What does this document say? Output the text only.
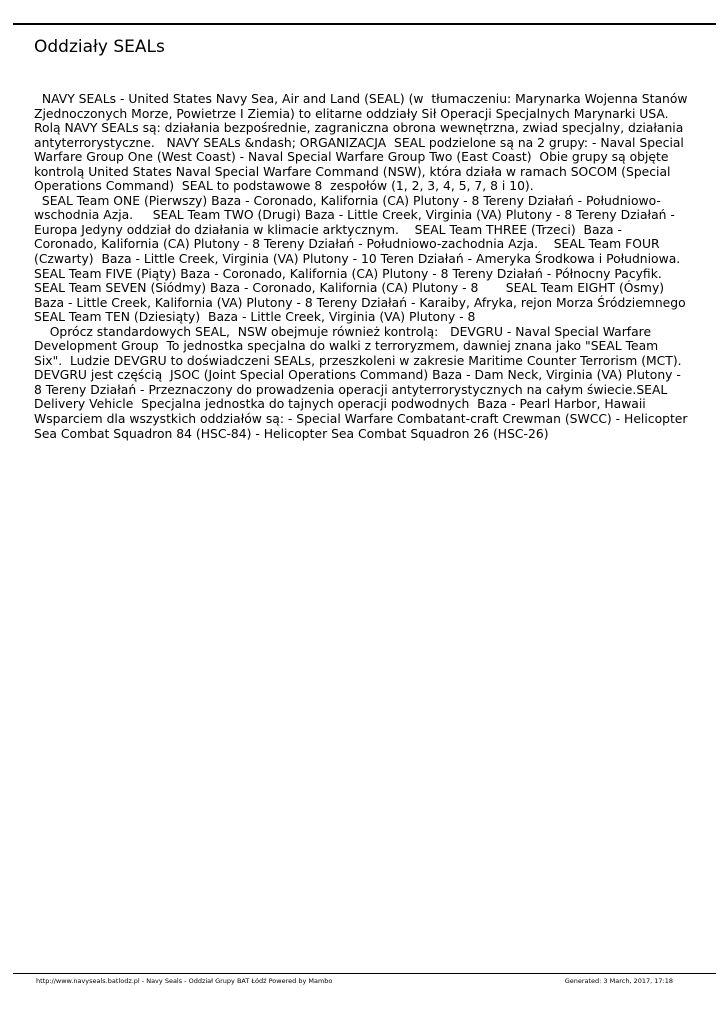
Oddziały SEALs
NAVY SEALs - United States Navy Sea, Air and Land (SEAL) (w  tłumaczeniu: Marynarka Wojenna Stanów Zjednoczonych Morze, Powietrze I Ziemia) to elitarne oddziały Sił Operacji Specjalnych Marynarki USA. Rolą NAVY SEALs są: działania bezpośrednie, zagraniczna obrona wewnętrzna, zwiad specjalny, działania antyterrorystyczne.   NAVY SEALs &ndash; ORGANIZACJA  SEAL podzielone są na 2 grupy: - Naval Special Warfare Group One (West Coast) - Naval Special Warfare Group Two (East Coast)  Obie grupy są objęte kontrolą United States Naval Special Warfare Command (NSW), która działa w ramach SOCOM (Special Operations Command)  SEAL to podstawowe 8  zespołów (1, 2, 3, 4, 5, 7, 8 i 10).
SEAL Team ONE (Pierwszy) Baza - Coronado, Kalifornia (CA) Plutony - 8 Tereny Działań - Południowo-wschodnia Azja.     SEAL Team TWO (Drugi) Baza - Little Creek, Virginia (VA) Plutony - 8 Tereny Działań -  Europa Jedyny oddział do działania w klimacie arktycznym.    SEAL Team THREE (Trzeci)  Baza - Coronado, Kalifornia (CA) Plutony - 8 Tereny Działań - Południowo-zachodnia Azja.    SEAL Team FOUR (Czwarty)  Baza - Little Creek, Virginia (VA) Plutony - 10 Teren Działań - Ameryka Środkowa i Południowa.       SEAL Team FIVE (Piąty) Baza - Coronado, Kalifornia (CA) Plutony - 8 Tereny Działań - Północny Pacyfik.      SEAL Team SEVEN (Siódmy) Baza - Coronado, Kalifornia (CA) Plutony - 8       SEAL Team EIGHT (Ósmy)  Baza - Little Creek, Kalifornia (VA) Plutony - 8 Tereny Działań - Karaiby, Afryka, rejon Morza Śródziemnego      SEAL Team TEN (Dziesiąty)  Baza - Little Creek, Virginia (VA) Plutony - 8
Oprócz standardowych SEAL,  NSW obejmuje również kontrolą:   DEVGRU - Naval Special Warfare Development Group  To jednostka specjalna do walki z terroryzmem, dawniej znana jako "SEAL Team Six".  Ludzie DEVGRU to doświadczeni SEALs, przeszkoleni w zakresie Maritime Counter Terrorism (MCT).  DEVGRU jest częścią  JSOC (Joint Special Operations Command) Baza - Dam Neck, Virginia (VA) Plutony - 8 Tereny Działań - Przeznaczony do prowadzenia operacji antyterrorystycznych na całym świecie.SEAL Delivery Vehicle  Specjalna jednostka do tajnych operacji podwodnych  Baza - Pearl Harbor, Hawaii       Wsparciem dla wszystkich oddziałów są: - Special Warfare Combatant-craft Crewman (SWCC) - Helicopter Sea Combat Squadron 84 (HSC-84) - Helicopter Sea Combat Squadron 26 (HSC-26)
http://www.navyseals.batlodz.pl - Navy Seals - Oddział Grupy BAT Łódź Powered by Mambo	Generated: 3 March, 2017, 17:18
